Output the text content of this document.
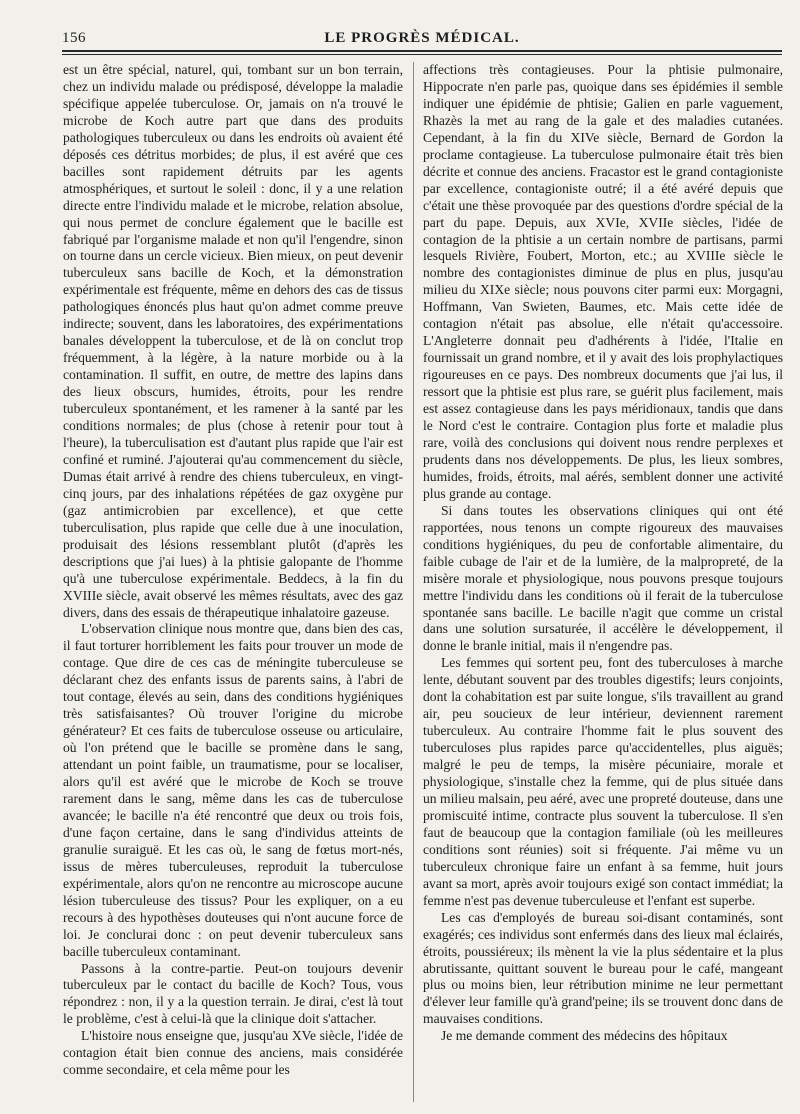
156	LE PROGRÈS MÉDICAL.

est un être spécial, naturel, qui, tombant sur un bon terrain, chez un individu malade ou prédisposé, développe la maladie spécifique appelée tuberculose. Or, jamais on n'a trouvé le microbe de Koch autre part que dans des produits pathologiques tuberculeux ou dans les endroits où avaient été déposés ces détritus morbides; de plus, il est avéré que ces bacilles sont rapidement détruits par les agents atmosphériques, et surtout le soleil : donc, il y a une relation directe entre l'individu malade et le microbe, relation absolue, qui nous permet de conclure également que le bacille est fabriqué par l'organisme malade et non qu'il l'engendre, sinon on tourne dans un cercle vicieux. Bien mieux, on peut devenir tuberculeux sans bacille de Koch, et la démonstration expérimentale est fréquente, même en dehors des cas de tissus pathologiques énoncés plus haut qu'on admet comme preuve indirecte; souvent, dans les laboratoires, des expérimentations banales développent la tuberculose, et de là on conclut trop fréquemment, à la légère, à la nature morbide ou à la contamination. Il suffit, en outre, de mettre des lapins dans des lieux obscurs, humides, étroits, pour les rendre tuberculeux spontanément, et les ramener à la santé par les conditions normales; de plus (chose à retenir pour tout à l'heure), la tuberculisation est d'autant plus rapide que l'air est confiné et ruminé. J'ajouterai qu'au commencement du siècle, Dumas était arrivé à rendre des chiens tuberculeux, en vingt-cinq jours, par des inhalations répétées de gaz oxygène pur (gaz antimicrobien par excellence), et que cette tuberculisation, plus rapide que celle due à une inoculation, produisait des lésions ressemblant plutôt (d'après les descriptions que j'ai lues) à la phtisie galopante de l'homme qu'à une tuberculose expérimentale. Beddecs, à la fin du XVIIIe siècle, avait observé les mêmes résultats, avec des gaz divers, dans des essais de thérapeutique inhalatoire gazeuse.

L'observation clinique nous montre que, dans bien des cas, il faut torturer horriblement les faits pour trouver un mode de contage. Que dire de ces cas de méningite tuberculeuse se déclarant chez des enfants issus de parents sains, à l'abri de tout contage, élevés au sein, dans des conditions hygiéniques très satisfaisantes? Où trouver l'origine du microbe générateur? Et ces faits de tuberculose osseuse ou articulaire, où l'on prétend que le bacille se promène dans le sang, attendant un point faible, un traumatisme, pour se localiser, alors qu'il est avéré que le microbe de Koch se trouve rarement dans le sang, même dans les cas de tuberculose avancée; le bacille n'a été rencontré que deux ou trois fois, d'une façon certaine, dans le sang d'individus atteints de granulie suraiguë. Et les cas où, le sang de fœtus mort-nés, issus de mères tuberculeuses, reproduit la tuberculose expérimentale, alors qu'on ne rencontre au microscope aucune lésion tuberculeuse des tissus? Pour les expliquer, on a eu recours à des hypothèses douteuses qui n'ont aucune force de loi. Je conclurai donc : on peut devenir tuberculeux sans bacille tuberculeux contaminant.

Passons à la contre-partie. Peut-on toujours devenir tuberculeux par le contact du bacille de Koch? Tous, vous répondrez : non, il y a la question terrain. Je dirai, c'est là tout le problème, c'est à celui-là que la clinique doit s'attacher.

L'histoire nous enseigne que, jusqu'au XVe siècle, l'idée de contagion était bien connue des anciens, mais considérée comme secondaire, et cela même pour les

affections très contagieuses. Pour la phtisie pulmonaire, Hippocrate n'en parle pas, quoique dans ses épidémies il semble indiquer une épidémie de phtisie; Galien en parle vaguement, Rhazès la met au rang de la gale et des maladies cutanées. Cependant, à la fin du XIVe siècle, Bernard de Gordon la proclame contagieuse. La tuberculose pulmonaire était très bien décrite et connue des anciens. Fracastor est le grand contagioniste par excellence, contagioniste outré; il a été avéré depuis que c'était une thèse provoquée par des questions d'ordre spécial de la part du pape. Depuis, aux XVIe, XVIIe siècles, l'idée de contagion de la phtisie a un certain nombre de partisans, parmi lesquels Rivière, Foubert, Morton, etc.; au XVIIIe siècle le nombre des contagionistes diminue de plus en plus, jusqu'au milieu du XIXe siècle; nous pouvons citer parmi eux: Morgagni, Hoffmann, Van Swieten, Baumes, etc. Mais cette idée de contagion n'était pas absolue, elle n'était qu'accessoire. L'Angleterre donnait peu d'adhérents à l'idée, l'Italie en fournissait un grand nombre, et il y avait des lois prophylactiques rigoureuses en ce pays. Des nombreux documents que j'ai lus, il ressort que la phtisie est plus rare, se guérit plus facilement, mais est assez contagieuse dans les pays méridionaux, tandis que dans le Nord c'est le contraire. Contagion plus forte et maladie plus rare, voilà des conclusions qui doivent nous rendre perplexes et prudents dans nos développements. De plus, les lieux sombres, humides, froids, étroits, mal aérés, semblent donner une activité plus grande au contage.

Si dans toutes les observations cliniques qui ont été rapportées, nous tenons un compte rigoureux des mauvaises conditions hygiéniques, du peu de confortable alimentaire, du faible cubage de l'air et de la lumière, de la malpropreté, de la misère morale et physiologique, nous pouvons presque toujours mettre l'individu dans les conditions où il ferait de la tuberculose spontanée sans bacille. Le bacille n'agit que comme un cristal dans une solution sursaturée, il accélère le développement, il donne le branle initial, mais il n'engendre pas.

Les femmes qui sortent peu, font des tuberculoses à marche lente, débutant souvent par des troubles digestifs; leurs conjoints, dont la cohabitation est par suite longue, s'ils travaillent au grand air, peu soucieux de leur intérieur, deviennent rarement tuberculeux. Au contraire l'homme fait le plus souvent des tuberculoses plus rapides parce qu'accidentelles, plus aiguës; malgré le peu de temps, la misère pécuniaire, morale et physiologique, s'installe chez la femme, qui de plus située dans un milieu malsain, peu aéré, avec une propreté douteuse, dans une promiscuité intime, contracte plus souvent la tuberculose. Il s'en faut de beaucoup que la contagion familiale (où les meilleures conditions sont réunies) soit si fréquente. J'ai même vu un tuberculeux chronique faire un enfant à sa femme, huit jours avant sa mort, après avoir toujours exigé son contact immédiat; la femme n'est pas devenue tuberculeuse et l'enfant est superbe.

Les cas d'employés de bureau soi-disant contaminés, sont exagérés; ces individus sont enfermés dans des lieux mal éclairés, étroits, poussiéreux; ils mènent la vie la plus sédentaire et la plus abrutissante, quittant souvent le bureau pour le café, mangeant plus ou moins bien, leur rétribution minime ne leur permettant d'élever leur famille qu'à grand'peine; ils se trouvent donc dans de mauvaises conditions.

Je me demande comment des médecins des hôpitaux
